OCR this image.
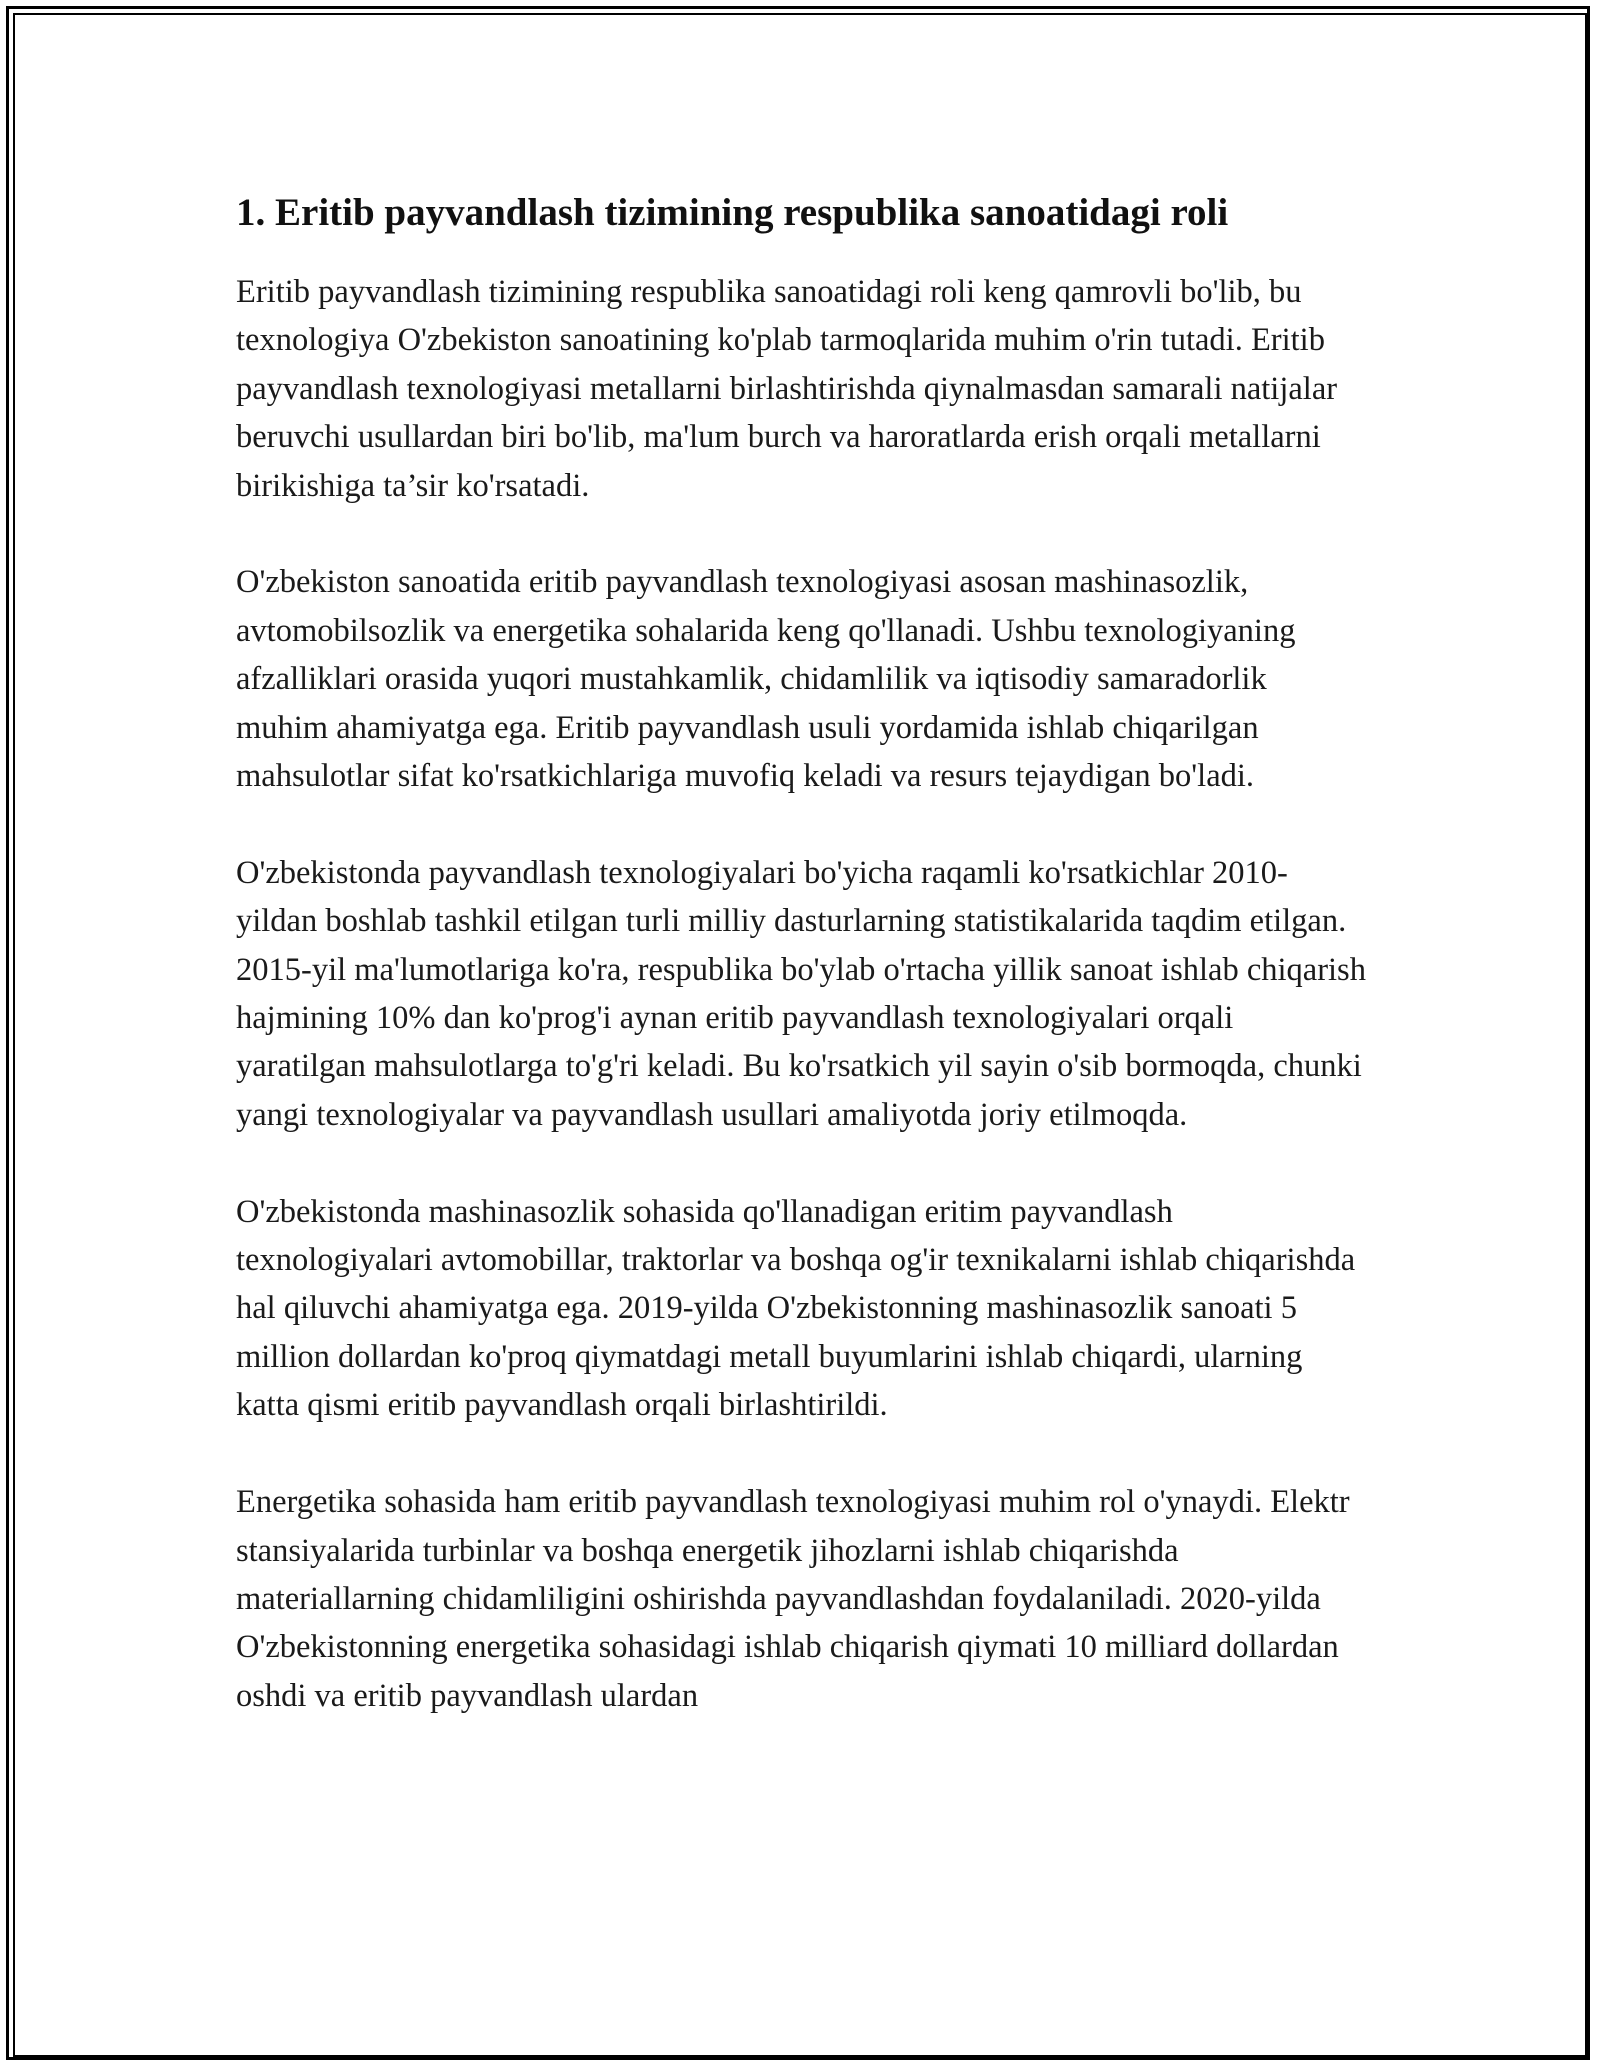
1. Eritib payvandlash tizimining respublika sanoatidagi roli

Eritib payvandlash tizimining respublika sanoatidagi roli keng qamrovli bo'lib, bu texnologiya O'zbekiston sanoatining ko'plab tarmoqlarida muhim o'rin tutadi. Eritib payvandlash texnologiyasi metallarni birlashtirishda qiynalmasdan samarali natijalar beruvchi usullardan biri bo'lib, ma'lum burch va haroratlarda erish orqali metallarni birikishiga ta’sir ko'rsatadi.

O'zbekiston sanoatida eritib payvandlash texnologiyasi asosan mashinasozlik, avtomobilsozlik va energetika sohalarida keng qo'llanadi. Ushbu texnologiyaning afzalliklari orasida yuqori mustahkamlik, chidamlilik va iqtisodiy samaradorlik muhim ahamiyatga ega. Eritib payvandlash usuli yordamida ishlab chiqarilgan mahsulotlar sifat ko'rsatkichlariga muvofiq keladi va resurs tejaydigan bo'ladi.

O'zbekistonda payvandlash texnologiyalari bo'yicha raqamli ko'rsatkichlar 2010-yildan boshlab tashkil etilgan turli milliy dasturlarning statistikalarida taqdim etilgan. 2015-yil ma'lumotlariga ko'ra, respublika bo'ylab o'rtacha yillik sanoat ishlab chiqarish hajmining 10% dan ko'prog'i aynan eritib payvandlash texnologiyalari orqali yaratilgan mahsulotlarga to'g'ri keladi. Bu ko'rsatkich yil sayin o'sib bormoqda, chunki yangi texnologiyalar va payvandlash usullari amaliyotda joriy etilmoqda.

O'zbekistonda mashinasozlik sohasida qo'llanadigan eritim payvandlash texnologiyalari avtomobillar, traktorlar va boshqa og'ir texnikalarni ishlab chiqarishda hal qiluvchi ahamiyatga ega. 2019-yilda O'zbekistonning mashinasozlik sanoati 5 million dollardan ko'proq qiymatdagi metall buyumlarini ishlab chiqardi, ularning katta qismi eritib payvandlash orqali birlashtirildi.

Energetika sohasida ham eritib payvandlash texnologiyasi muhim rol o'ynaydi. Elektr stansiyalarida turbinlar va boshqa energetik jihozlarni ishlab chiqarishda materiallarning chidamliligini oshirishda payvandlashdan foydalaniladi. 2020-yilda O'zbekistonning energetika sohasidagi ishlab chiqarish qiymati 10 milliard dollardan oshdi va eritib payvandlash ulardan
